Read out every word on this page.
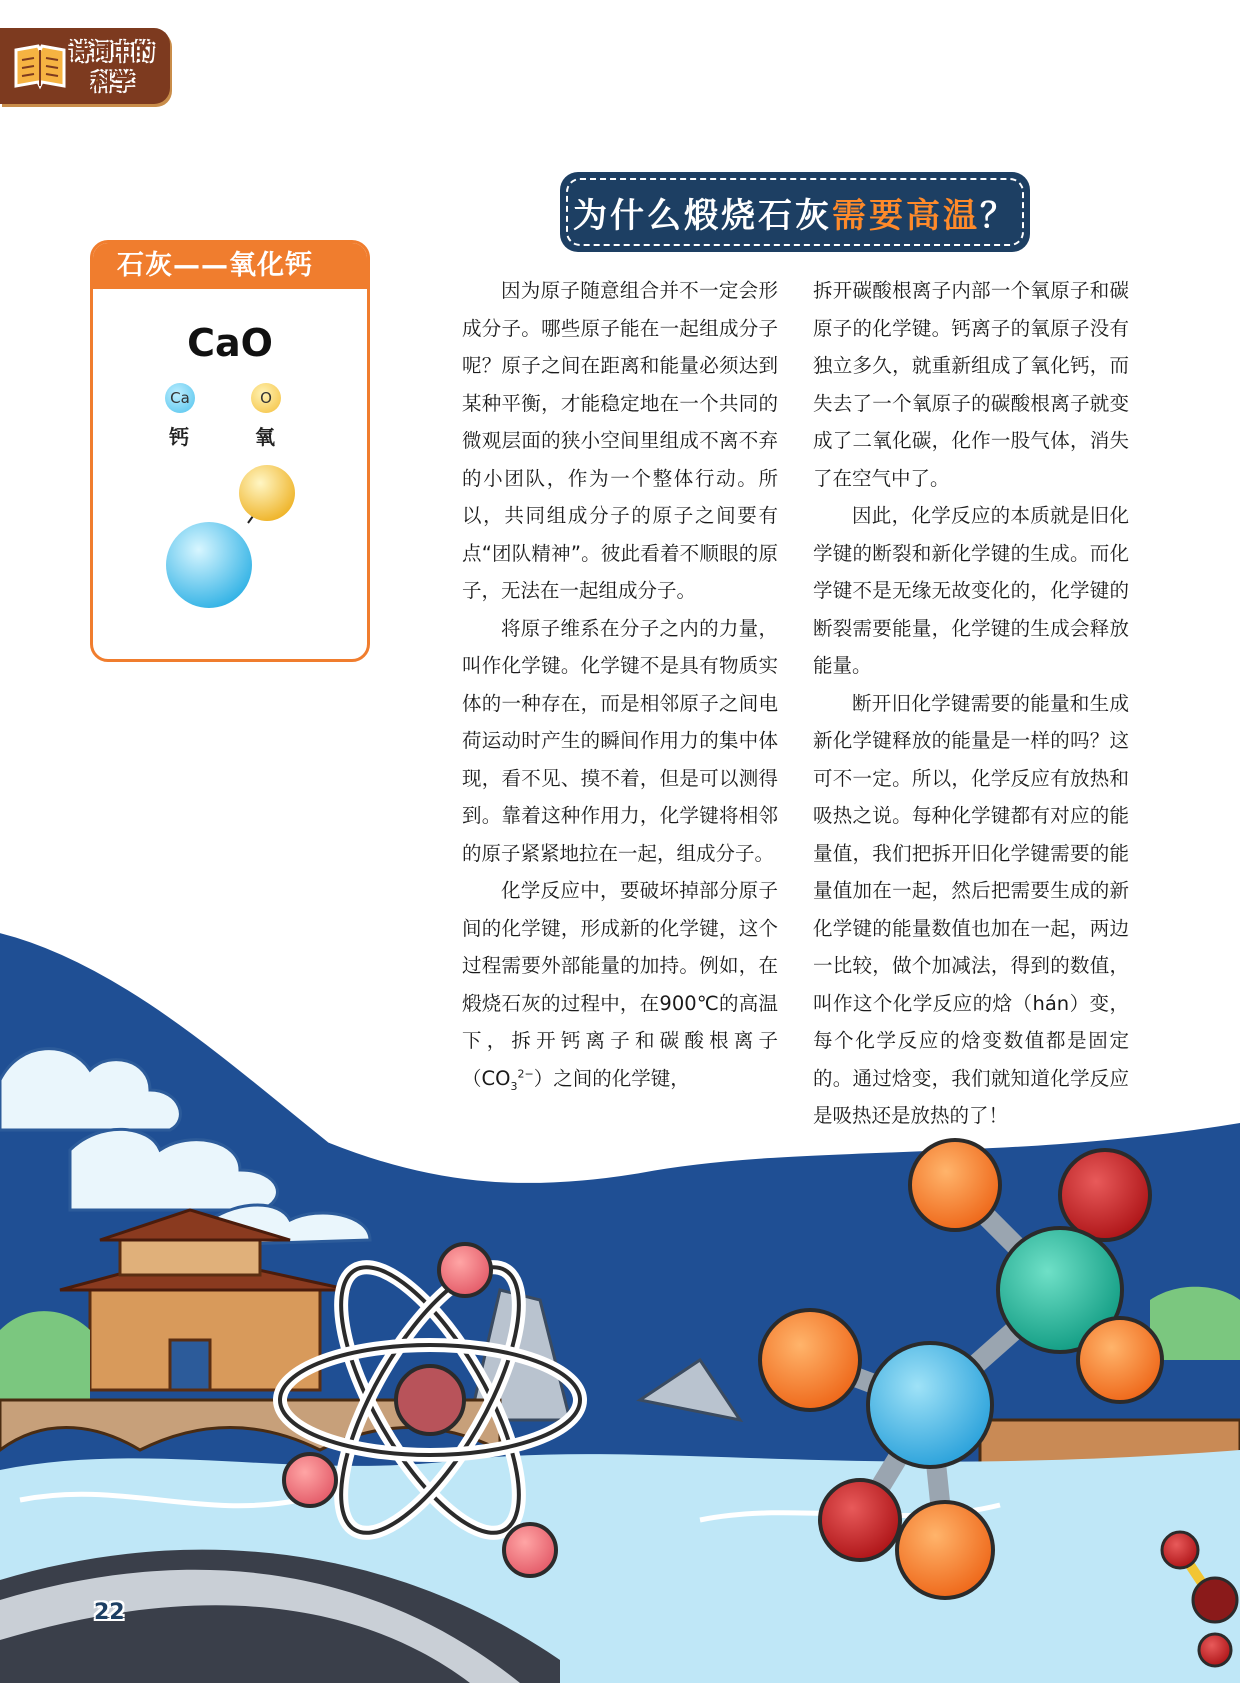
诗词中的
科学
为什么煅烧石灰 需要高温 ？
石灰——氧化钙
CaO
Ca	O
钙	氧

因为原子随意组合并不一定会形成分子。哪些原子能在一起组成分子呢？原子之间在距离和能量必须达到某种平衡，才能稳定地在一个共同的微观层面的狭小空间里组成不离不弃的小团队，作为一个整体行动。所以，共同组成分子的原子之间要有点“团队精神”。彼此看着不顺眼的原子，无法在一起组成分子。

将原子维系在分子之内的力量，叫作化学键。化学键不是具有物质实体的一种存在，而是相邻原子之间电荷运动时产生的瞬间作用力的集中体现，看不见、摸不着，但是可以测得到。靠着这种作用力，化学键将相邻的原子紧紧地拉在一起，组成分子。

化学反应中，要破坏掉部分原子间的化学键，形成新的化学键，这个过程需要外部能量的加持。例如，在煅烧石灰的过程中，在900℃的高温下，拆开钙离子和碳酸根离子$(CO_3^{2-})$之间的化学键，

拆开碳酸根离子内部一个氧原子和碳原子的化学键。钙离子的氧原子没有独立多久，就重新组成了氧化钙，而失去了一个氧原子的碳酸根离子就变成了二氧化碳，化作一股气体，消失了在空气中了。

因此，化学反应的本质就是旧化学键的断裂和新化学键的生成。而化学键不是无缘无故变化的，化学键的断裂需要能量，化学键的生成会释放能量。

断开旧化学键需要的能量和生成新化学键释放的能量是一样的吗？这可不一定。所以，化学反应有放热和吸热之说。每种化学键都有对应的能量值，我们把拆开旧化学键需要的能量值加在一起，然后把需要生成的新化学键的能量数值也加在一起，两边一比较，做个加减法，得到的数值，叫作这个化学反应的焓（hán）变，每个化学反应的焓变数值都是固定的。通过焓变，我们就知道化学反应是吸热还是放热的了！

22
